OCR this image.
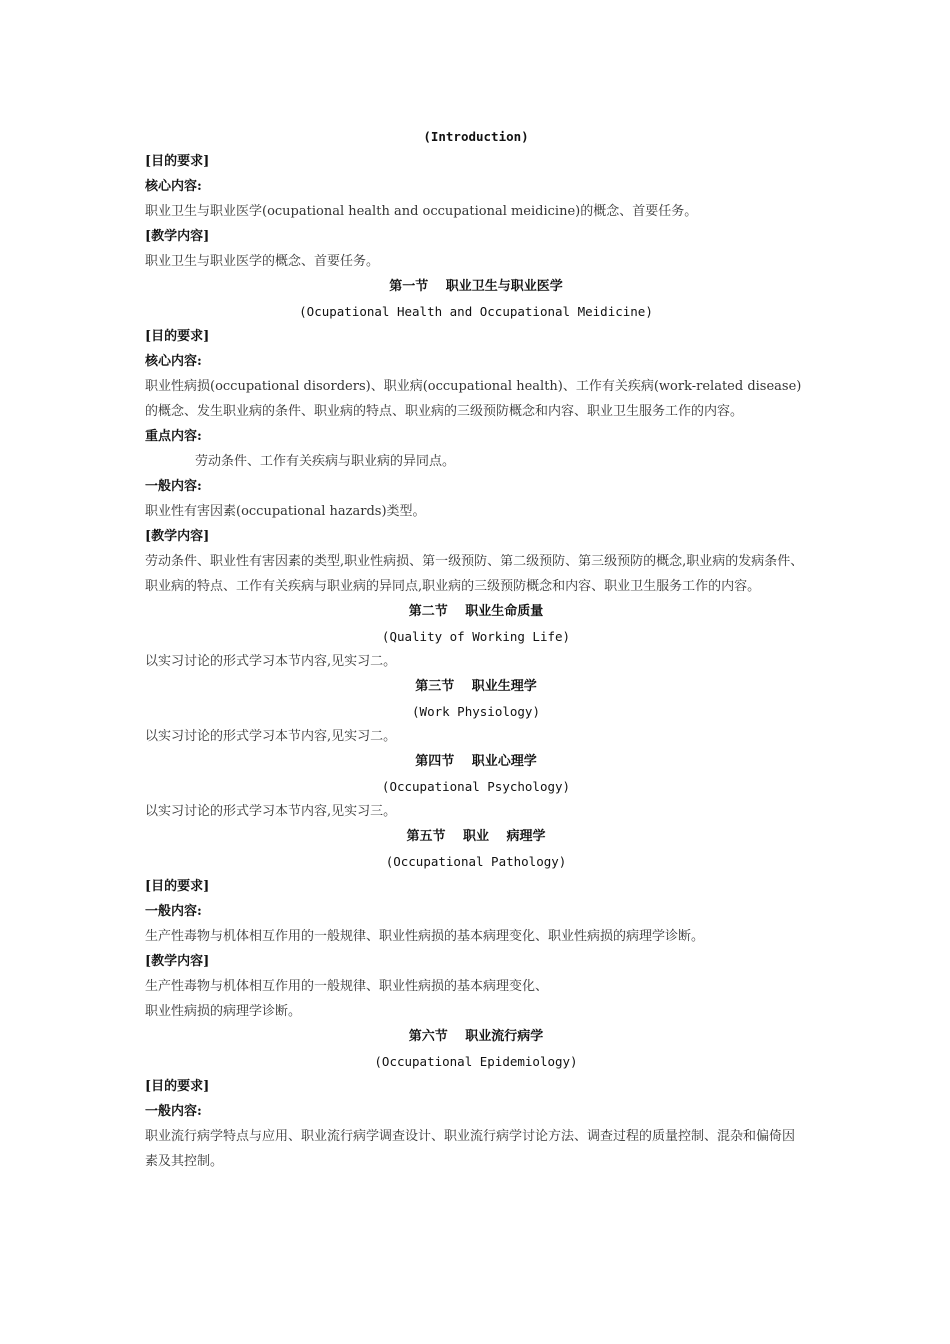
(Introduction)
[目的要求]
核心内容:
职业卫生与职业医学(ocupational health and occupational meidicine)的概念、首要任务。
[教学内容]
职业卫生与职业医学的概念、首要任务。
第一节　 职业卫生与职业医学
(Ocupational Health and Occupational Meidicine)
[目的要求]
核心内容:
职业性病损(occupational disorders)、职业病(occupational health)、工作有关疾病(work-related disease)的概念、发生职业病的条件、职业病的特点、职业病的三级预防概念和内容、职业卫生服务工作的内容。
重点内容:
劳动条件、工作有关疾病与职业病的异同点。
一般内容:
职业性有害因素(occupational hazards)类型。
[教学内容]
劳动条件、职业性有害因素的类型,职业性病损、第一级预防、第二级预防、第三级预防的概念,职业病的发病条件、职业病的特点、工作有关疾病与职业病的异同点,职业病的三级预防概念和内容、职业卫生服务工作的内容。
第二节　 职业生命质量
(Quality of Working Life)
以实习讨论的形式学习本节内容,见实习二。
第三节　 职业生理学
(Work Physiology)
以实习讨论的形式学习本节内容,见实习二。
第四节　 职业心理学
(Occupational Psychology)
以实习讨论的形式学习本节内容,见实习三。
第五节　 职业　 病理学
(Occupational Pathology)
[目的要求]
一般内容:
生产性毒物与机体相互作用的一般规律、职业性病损的基本病理变化、职业性病损的病理学诊断。
[教学内容]
生产性毒物与机体相互作用的一般规律、职业性病损的基本病理变化、
职业性病损的病理学诊断。
第六节　 职业流行病学
(Occupational Epidemiology)
[目的要求]
一般内容:
职业流行病学特点与应用、职业流行病学调查设计、职业流行病学讨论方法、调查过程的质量控制、混杂和偏倚因素及其控制。
